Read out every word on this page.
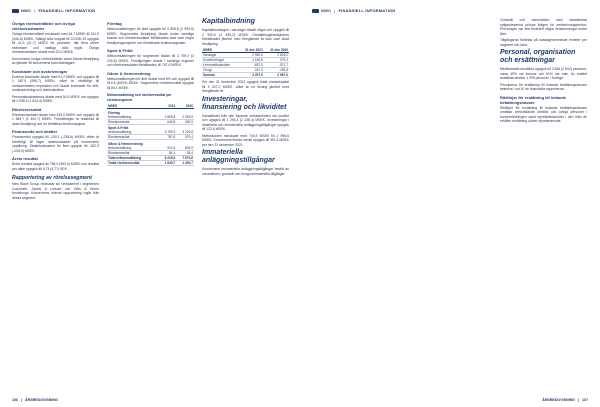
NWC | FINANSIELL INFORMATION
Övriga rörelseintäkter och övriga rörelsekostnader
Övriga rörelseintäkter minskade med 34,7 MSEK till 311,9 (346,6) MSEK. Statligt stöd kopplat till COVID-19 uppgick till 41,9 (21,7) MSEK för perioden, där flera större exitvinster och statliga stöd ingår. Övriga rörelsekostnader ökade med 23,2 MSEK.
Koncernens övriga rörelseintäkter avser främst försäljning av tjänster till koncernens franchisetagare.
Kostnader och avskrivningar
Externa kostnader ökade med 91,2 MSEK och uppgick till 1 087,9 (996,7) MSEK, vilket är hänförligt till verksamhetens expansion och ökade kostnader för drift, marknadsföring och administration.
Personalkostnaderna ökade med 94,5 MSEK och uppgick till 1 938,9 (1 844,4) MSEK.
Rörelseresultat
Rörelseresultatet ökade med 449,0 MSEK och uppgick till 1 849,7 (1 400,7) MSEK. Förbättringen är relaterad till ökad försäljning och en förbättrad bruttomarginal.
Finansnetto och skatter
Finansnettot uppgick till -230,1 (-238,6) MSEK, vilket är hänförligt till lägre räntekostnader på koncernens upplåning. Skattekostnaden för året uppgick till -262,9 (-228,0) MSEK.
Årets resultat
Årets resultat uppgick till 796,0 (563,3) MSEK och resultat per aktie uppgick till 6,73 (4,77) SEK.
Rapportering av rörelsesegment
New Wave Group redovisar sin verksamhet i segmenten Corporate, Sports & Leisure och Gifts & Home furnishings. Koncernens interna rapportering utgår från dessa segment.
Företag
Nettoomsättningen för året uppgick till 3 555,8 (2 993,9) MSEK. Segmentets försäljning ökade under samtliga kvartal och rörelseresultatet förbättrades tack vare högre försäljningsvolymer och förbättrade bruttomarginaler.
Sport & Fritid
Nettoomsättningen för segmentet ökade till 3 759,3 (3 226,8) MSEK. Försäljningen ökade i samtliga regioner och rörelseresultatet förbättrades till 787,6 MSEK.
Gåvor & Heminredning
Nettoomsättningen för året ökade med 8% och uppgick till 914,5 (849,9) MSEK. Segmentets rörelseresultat uppgick till 84,1 MSEK.
Nettoomsättning och rörelseresultat per rörelsesegment
MSEK	2021	2020
Företag		
Nettoomsättning	3 555,8	2 993,9
Rörelseresultat	645,8	349,9
Sport & Fritid		
Nettoomsättning	3 759,3	3 226,8
Rörelseresultat	787,6	575,4
Gåvor & Heminredning		
Nettoomsättning	914,5	849,9
Rörelseresultat	84,1	35,4
Total nettoomsättning	8 229,6	7 070,6
Totalt rörelseresultat	1 849,7	1 400,7
Kapitalbindning
Kapitalbindningen i varulager ökade något och uppgick till 2 950,6 (2 839,2) MSEK. Omsättningshastigheten förbättrades jämfört med föregående år tack vare ökad försäljning.
MSEK	31 dec 2021	31 dec 2020
Varulager	2 950,6	2 839,2
Kundfordringar	1 160,8	979,3
Leverantörsskulder	-657,0	-571,7
Övrigt	-247,4	-259,8
Summa	3 207,0	2 987,0
Per den 31 december 2021 uppgick totalt rörelsekapital till 3 207,0 MSEK, vilket är en ökning jämfört med föregående år.
Investeringar, finansiering och likviditet
Kassaflödet från den löpande verksamheten var positivt och uppgick till 1 294,4 (2 238,4) MSEK. Investeringar i materiella och immateriella anläggningstillgångar uppgick till 122,6 MSEK.
Nettoskulden minskade med 740,9 MSEK till 1 596,6 MSEK. Koncernens likvida medel uppgick till 391,4 MSEK per den 31 december 2021.
Immateriella anläggningstillgångar
Koncernens immateriella anläggningstillgångar består av varumärken, goodwill och övriga immateriella tillgångar.
106 | ÅRSREDOVISNING
NWC | FINANSIELL INFORMATION
Goodwill och varumärken med obestämbar nyttjandeperiod prövas årligen för nedskrivningsbehov. Prövningen har inte föranlett några nedskrivningar under året.
Tillgångarna fördelas på kassagenererande enheter per segment och land.
Personal, organisation och ersättningar
Medelantalet anställda uppgick till 2 846 (2 844) personer, varav 49% var kvinnor och 51% var män. Av antalet anställda arbetar 1 299 personer i Sverige.
Principerna för ersättning till ledande befattningshavare beskrivs i not 8 i de finansiella rapporterna.
Riktlinjer för ersättning till ledande befattningshavare
Riktlinjer för ersättning till ledande befattningshavare omfattar verkställande direktör och övriga personer i koncernledningen samt styrelseledamöter i den mån de erhåller ersättning utöver styrelsearvode.
ÅRSREDOVISNING | 107
